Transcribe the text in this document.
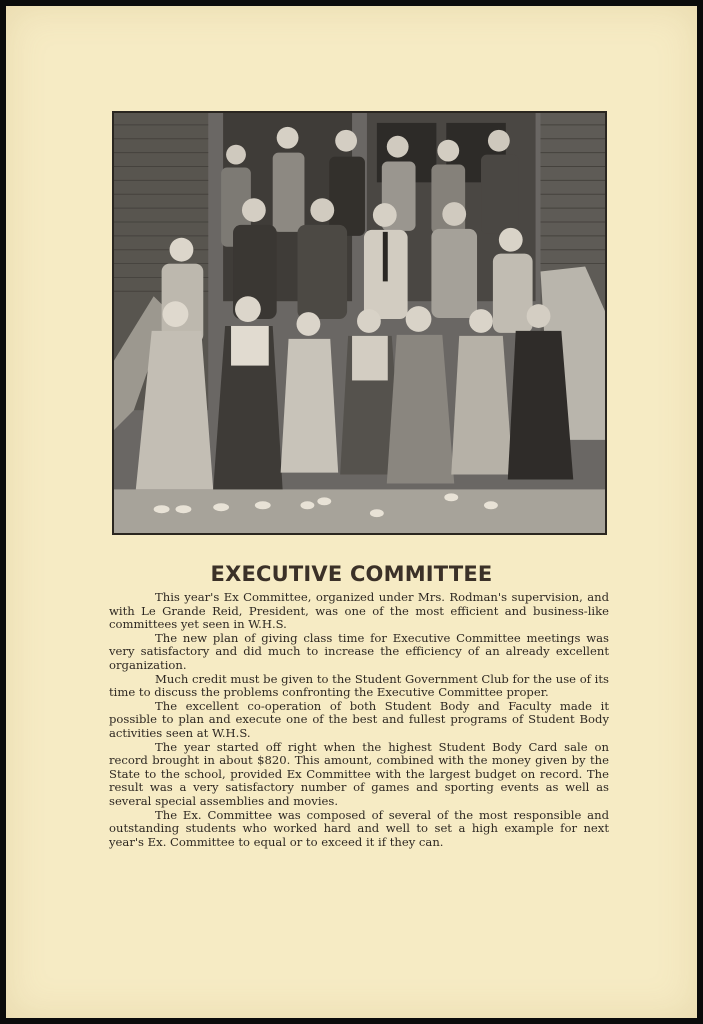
EXECUTIVE COMMITTEE

This year's Ex Committee, organized under Mrs. Rodman's supervision, and with Le Grande Reid, President, was one of the most efficient and business-like committees yet seen in W.H.S.

The new plan of giving class time for Executive Committee meetings was very satisfactory and did much to increase the efficiency of an already excellent organization.

Much credit must be given to the Student Government Club for the use of its time to discuss the problems confronting the Executive Committee proper.

The excellent co-operation of both Student Body and Faculty made it possible to plan and execute one of the best and fullest programs of Student Body activities seen at W.H.S.

The year started off right when the highest Student Body Card sale on record brought in about $820. This amount, combined with the money given by the State to the school, provided Ex Committee with the largest budget on record. The result was a very satisfactory number of games and sporting events as well as several special assemblies and movies.

The Ex. Committee was composed of several of the most responsible and outstanding students who worked hard and well to set a high example for next year's Ex. Committee to equal or to exceed it if they can.
